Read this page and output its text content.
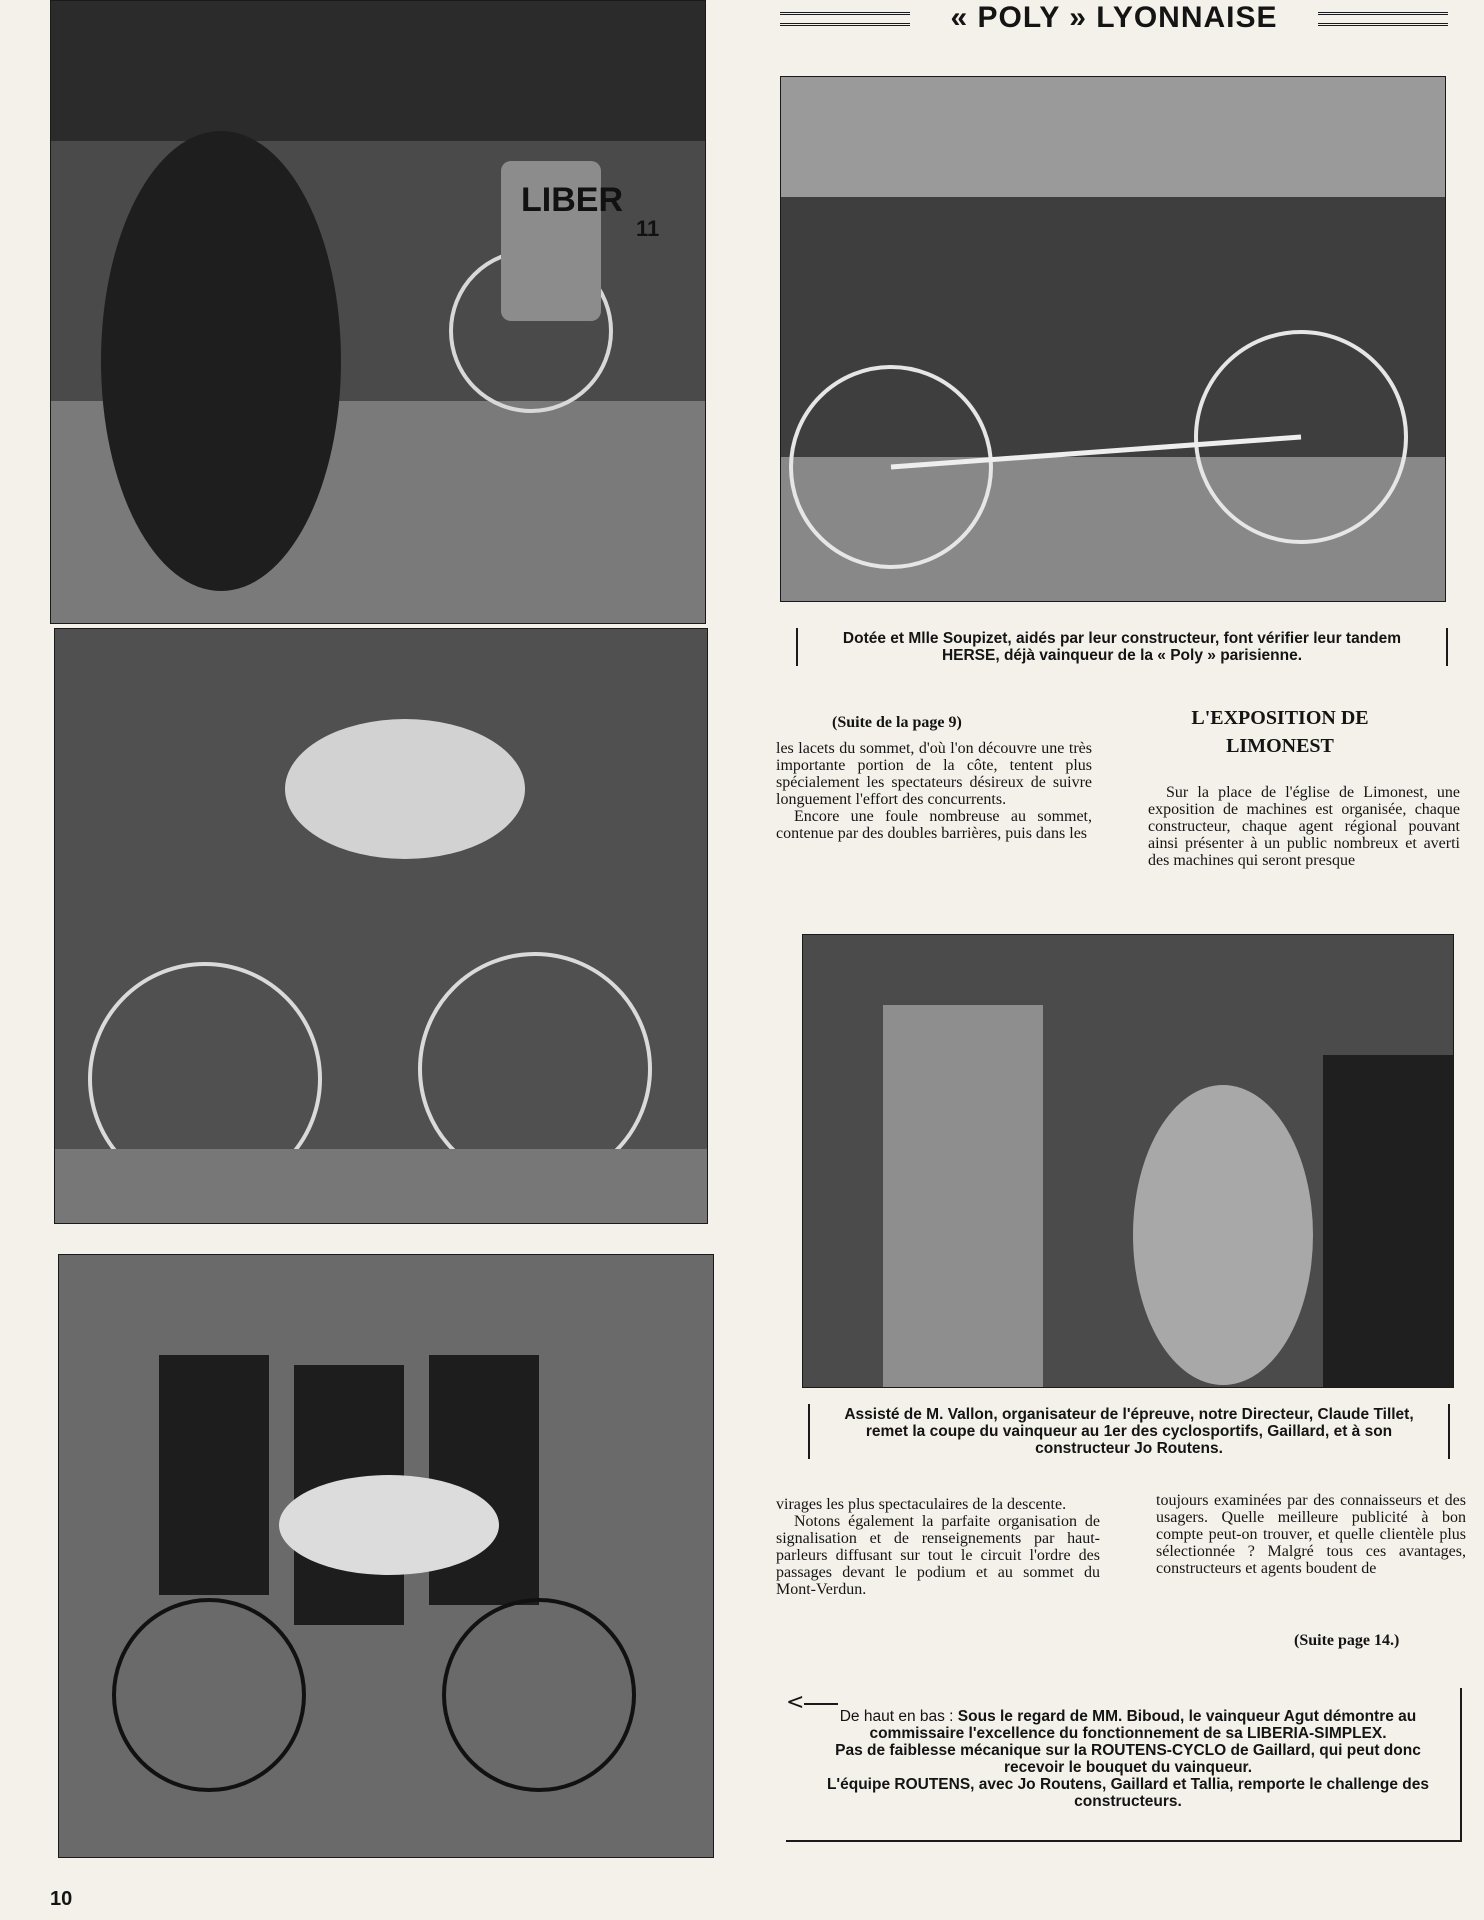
« POLY » LYONNAISE
LIBER
11
Dotée et Mlle Soupizet, aidés par leur constructeur, font vérifier leur tandem HERSE, déjà vainqueur de la « Poly » parisienne.
(Suite de la page 9)

les lacets du sommet, d'où l'on découvre une très importante portion de la côte, tentent plus spécialement les spectateurs désireux de suivre longuement l'effort des concurrents.

Encore une foule nombreuse au sommet, contenue par des doubles barrières, puis dans les

L'EXPOSITION DE LIMONEST

Sur la place de l'église de Limonest, une exposition de machines est organisée, chaque constructeur, chaque agent régional pouvant ainsi présenter à un public nombreux et averti des machines qui seront presque

Assisté de M. Vallon, organisateur de l'épreuve, notre Directeur, Claude Tillet, remet la coupe du vainqueur au 1er des cyclosportifs, Gaillard, et à son constructeur Jo Routens.

virages les plus spectaculaires de la descente.

Notons également la parfaite organisation de signalisation et de renseignements par haut-parleurs diffusant sur tout le circuit l'ordre des passages devant le podium et au sommet du Mont-Verdun.

toujours examinées par des connaisseurs et des usagers. Quelle meilleure publicité à bon compte peut-on trouver, et quelle clientèle plus sélectionnée ? Malgré tous ces avantages, constructeurs et agents boudent de

(Suite page 14.)
<
De haut en bas : Sous le regard de MM. Biboud, le vainqueur Agut démontre au commissaire l'excellence du fonctionnement de sa LIBERIA-SIMPLEX.
Pas de faiblesse mécanique sur la ROUTENS-CYCLO de Gaillard, qui peut donc recevoir le bouquet du vainqueur.
L'équipe ROUTENS, avec Jo Routens, Gaillard et Tallia, remporte le challenge des constructeurs.
10
